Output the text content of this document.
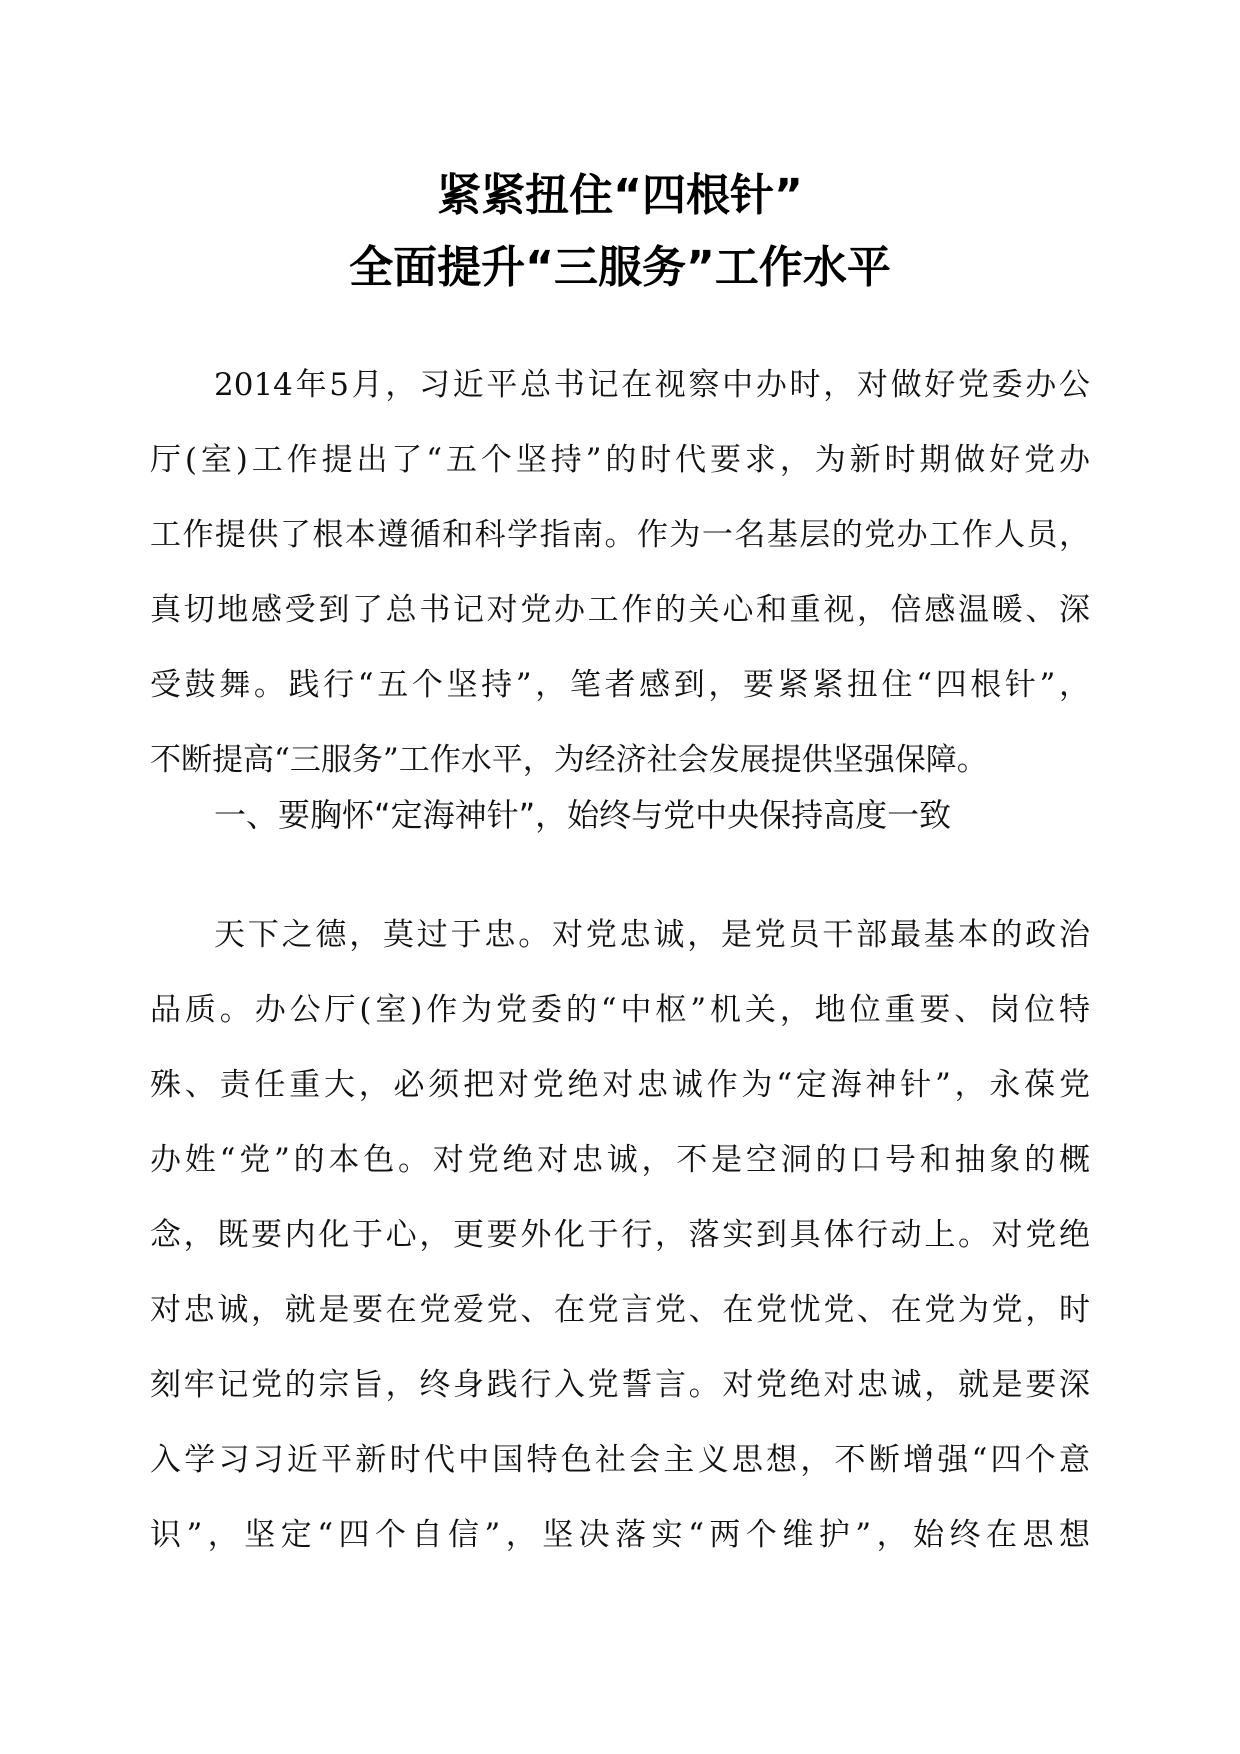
紧紧扭住“四根针”
全面提升“三服务”工作水平
2014年5月，习近平总书记在视察中办时，对做好党委办公
厅(室)工作提出了“五个坚持”的时代要求，为新时期做好党办
工作提供了根本遵循和科学指南。作为一名基层的党办工作人员，
真切地感受到了总书记对党办工作的关心和重视，倍感温暖、深
受鼓舞。践行“五个坚持”，笔者感到，要紧紧扭住“四根针”，
不断提高“三服务”工作水平，为经济社会发展提供坚强保障。
一、要胸怀“定海神针”，始终与党中央保持高度一致
天下之德，莫过于忠。对党忠诚，是党员干部最基本的政治
品质。办公厅(室)作为党委的“中枢”机关，地位重要、岗位特
殊、责任重大，必须把对党绝对忠诚作为“定海神针”，永葆党
办姓“党”的本色。对党绝对忠诚，不是空洞的口号和抽象的概
念，既要内化于心，更要外化于行，落实到具体行动上。对党绝
对忠诚，就是要在党爱党、在党言党、在党忧党、在党为党，时
刻牢记党的宗旨，终身践行入党誓言。对党绝对忠诚，就是要深
入学习习近平新时代中国特色社会主义思想，不断增强“四个意
识”，坚定“四个自信”，坚决落实“两个维护”，始终在思想
